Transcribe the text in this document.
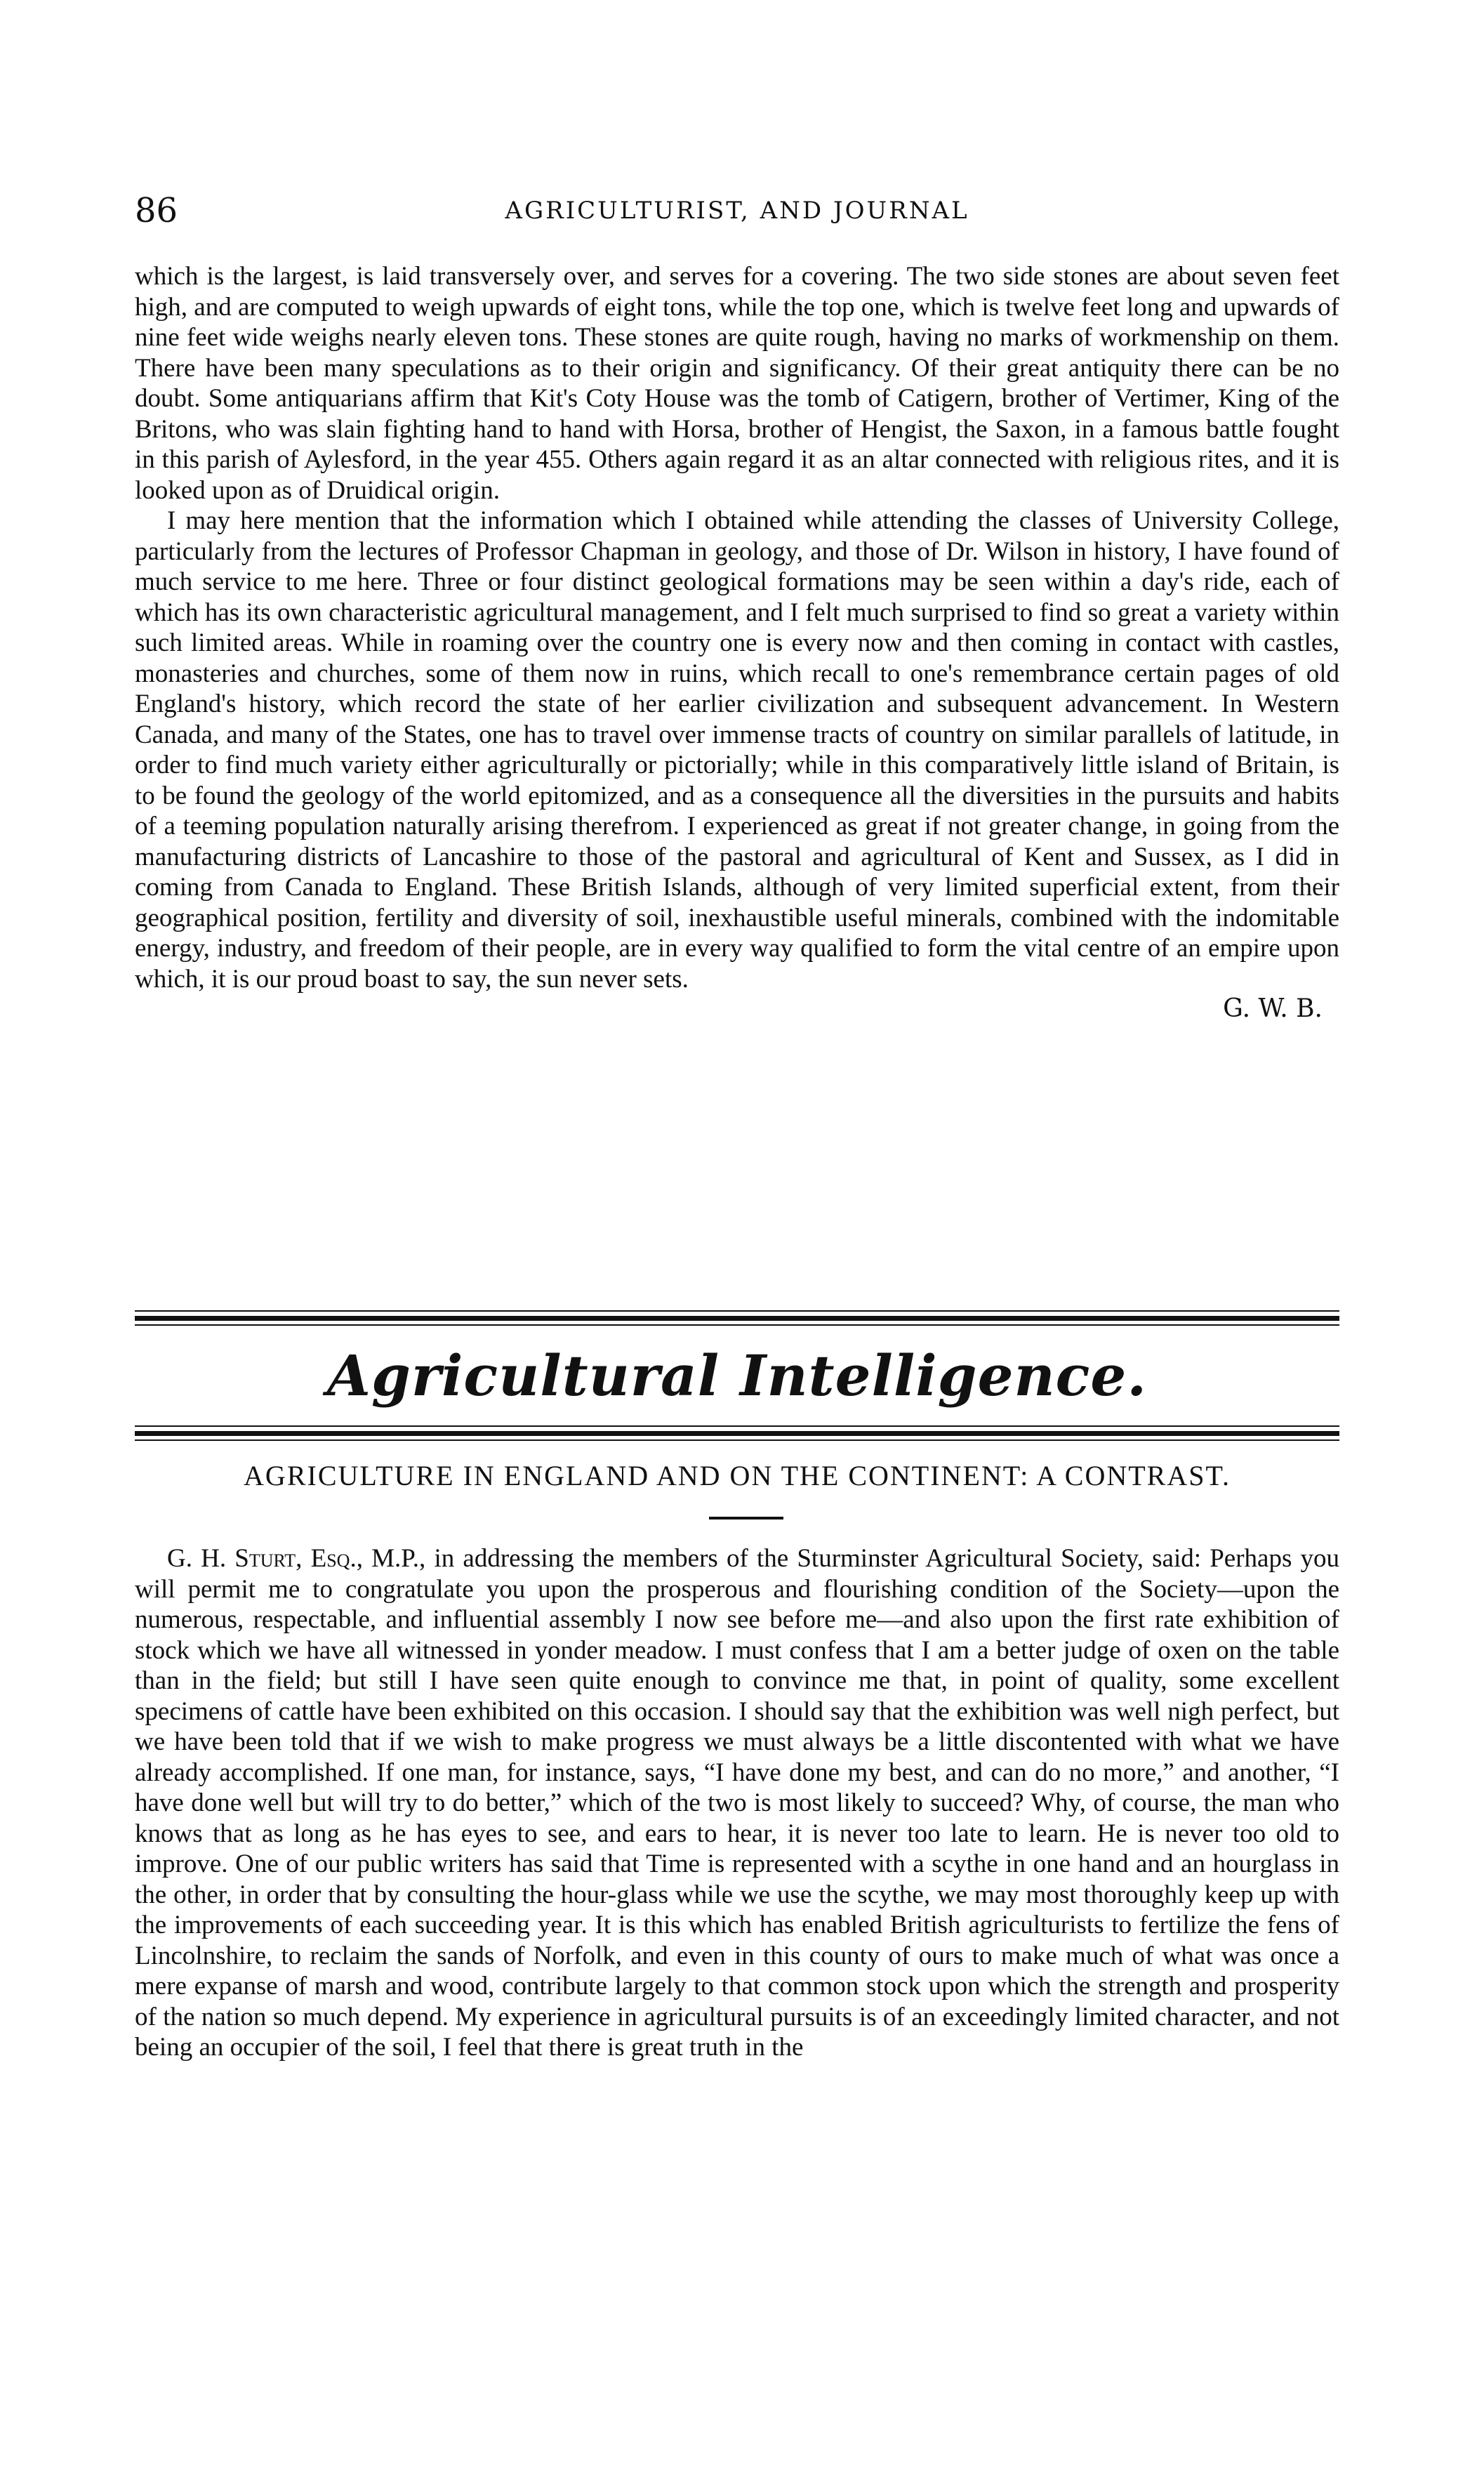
86	AGRICULTURIST, AND JOURNAL

which is the largest, is laid transversely over, and serves for a covering. The two side stones are about seven feet high, and are computed to weigh upwards of eight tons, while the top one, which is twelve feet long and upwards of nine feet wide weighs nearly eleven tons. These stones are quite rough, having no marks of workmenship on them. There have been many speculations as to their origin and significancy. Of their great antiquity there can be no doubt. Some antiquarians affirm that Kit's Coty House was the tomb of Catigern, brother of Vertimer, King of the Britons, who was slain fighting hand to hand with Horsa, brother of Hengist, the Saxon, in a famous battle fought in this parish of Aylesford, in the year 455. Others again regard it as an altar connected with religious rites, and it is looked upon as of Druidical origin.

I may here mention that the information which I obtained while attending the classes of University College, particularly from the lectures of Professor Chapman in geology, and those of Dr. Wilson in history, I have found of much service to me here. Three or four distinct geological formations may be seen within a day's ride, each of which has its own characteristic agricultural management, and I felt much surprised to find so great a variety within such limited areas. While in roaming over the country one is every now and then coming in contact with castles, monasteries and churches, some of them now in ruins, which recall to one's remembrance certain pages of old England's history, which record the state of her earlier civilization and subsequent advancement. In Western Canada, and many of the States, one has to travel over immense tracts of country on similar parallels of latitude, in order to find much variety either agriculturally or pictorially; while in this comparatively little island of Britain, is to be found the geology of the world epitomized, and as a consequence all the diversities in the pursuits and habits of a teeming population naturally arising therefrom. I experienced as great if not greater change, in going from the manufacturing districts of Lancashire to those of the pastoral and agricultural of Kent and Sussex, as I did in coming from Canada to England. These British Islands, although of very limited superficial extent, from their geographical position, fertility and diversity of soil, inexhaustible useful minerals, combined with the indomitable energy, industry, and freedom of their people, are in every way qualified to form the vital centre of an empire upon which, it is our proud boast to say, the sun never sets.

G. W. B.

Agricultural Intelligence.
AGRICULTURE IN ENGLAND AND ON THE CONTINENT: A CONTRAST.

G. H. Sturt, Esq., M.P., in addressing the members of the Sturminster Agricultural Society, said: Perhaps you will permit me to congratulate you upon the prosperous and flourishing condition of the Society—upon the numerous, respectable, and influential assembly I now see before me—and also upon the first rate exhibition of stock which we have all witnessed in yonder meadow. I must confess that I am a better judge of oxen on the table than in the field; but still I have seen quite enough to convince me that, in point of quality, some excellent specimens of cattle have been exhibited on this occasion. I should say that the exhibition was well nigh perfect, but we have been told that if we wish to make progress we must always be a little discontented with what we have already accomplished. If one man, for instance, says, “I have done my best, and can do no more,” and another, “I have done well but will try to do better,” which of the two is most likely to succeed? Why, of course, the man who knows that as long as he has eyes to see, and ears to hear, it is never too late to learn. He is never too old to improve. One of our public writers has said that Time is represented with a scythe in one hand and an hourglass in the other, in order that by consulting the hour-glass while we use the scythe, we may most thoroughly keep up with the improvements of each succeeding year. It is this which has enabled British agriculturists to fertilize the fens of Lincolnshire, to reclaim the sands of Norfolk, and even in this county of ours to make much of what was once a mere expanse of marsh and wood, contribute largely to that common stock upon which the strength and prosperity of the nation so much depend. My experience in agricultural pursuits is of an exceedingly limited character, and not being an occupier of the soil, I feel that there is great truth in the
